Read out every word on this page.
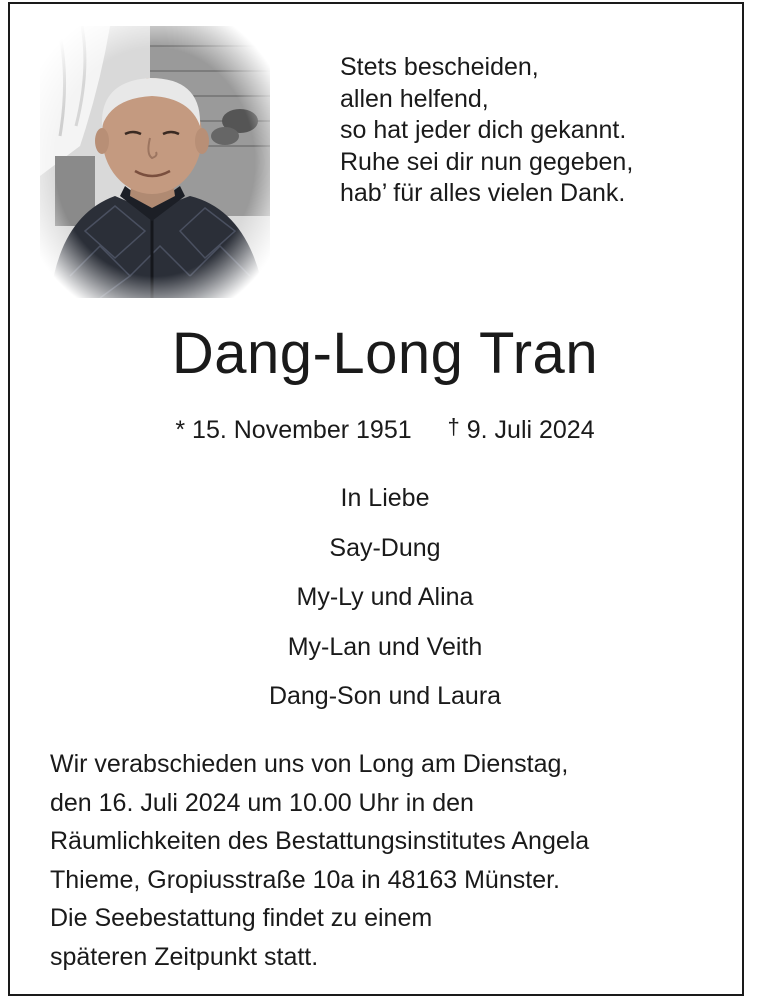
Stets bescheiden,
allen helfend,
so hat jeder dich gekannt.
Ruhe sei dir nun gegeben,
hab’ für alles vielen Dank.
Dang-Long Tran
* 15. November 1951 † 9. Juli 2024
In Liebe
Say-Dung
My-Ly und Alina
My-Lan und Veith
Dang-Son und Laura
Wir verabschieden uns von Long am Dienstag,
den 16. Juli 2024 um 10.00 Uhr in den
Räumlichkeiten des Bestattungsinstitutes Angela
Thieme, Gropiusstraße 10a in 48163 Münster.
Die Seebestattung findet zu einem
späteren Zeitpunkt statt.
